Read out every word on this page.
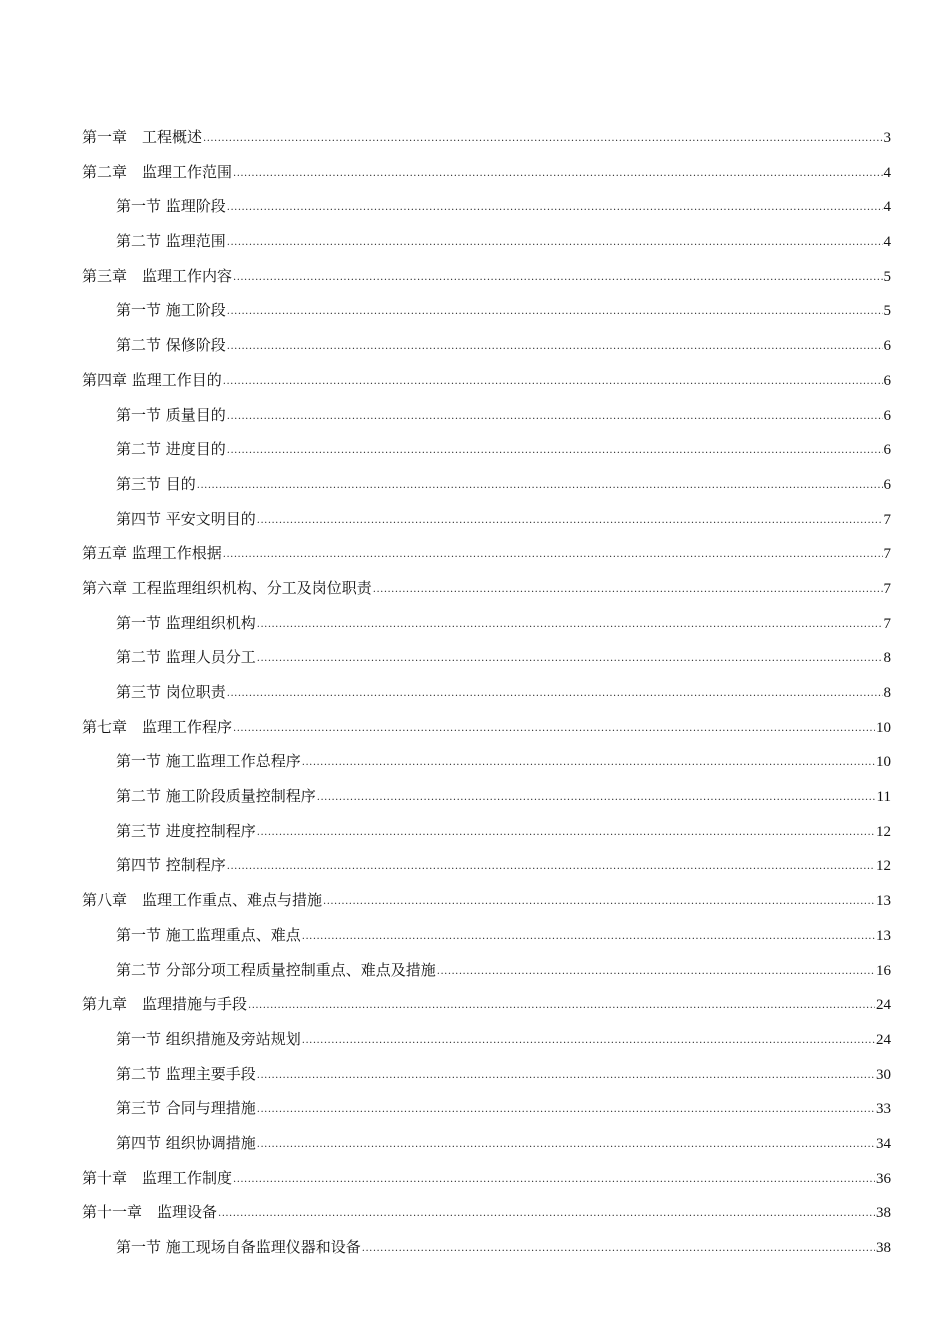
第一章　工程概述 .....	3
第二章　监理工作范围 .....	4
第一节 监理阶段 .....	4
第二节 监理范围 .....	4
第三章　监理工作内容 .....	5
第一节 施工阶段 .....	5
第二节 保修阶段 .....	6
第四章 监理工作目的 .....	6
第一节 质量目的 .....	6
第二节 进度目的 .....	6
第三节 目的 .....	6
第四节 平安文明目的 .....	7
第五章 监理工作根据 .....	7
第六章 工程监理组织机构、分工及岗位职责 .....	7
第一节 监理组织机构 .....	7
第二节 监理人员分工 .....	8
第三节 岗位职责 .....	8
第七章　监理工作程序 .....	10
第一节 施工监理工作总程序 .....	10
第二节 施工阶段质量控制程序 .....	11
第三节 进度控制程序 .....	12
第四节 控制程序 .....	12
第八章　监理工作重点、难点与措施 .....	13
第一节 施工监理重点、难点 .....	13
第二节 分部分项工程质量控制重点、难点及措施 .....	16
第九章　监理措施与手段 .....	24
第一节 组织措施及旁站规划 .....	24
第二节 监理主要手段 .....	30
第三节 合同与理措施 .....	33
第四节 组织协调措施 .....	34
第十章　监理工作制度 .....	36
第十一章　监理设备 .....	38
第一节 施工现场自备监理仪器和设备 .....	38
